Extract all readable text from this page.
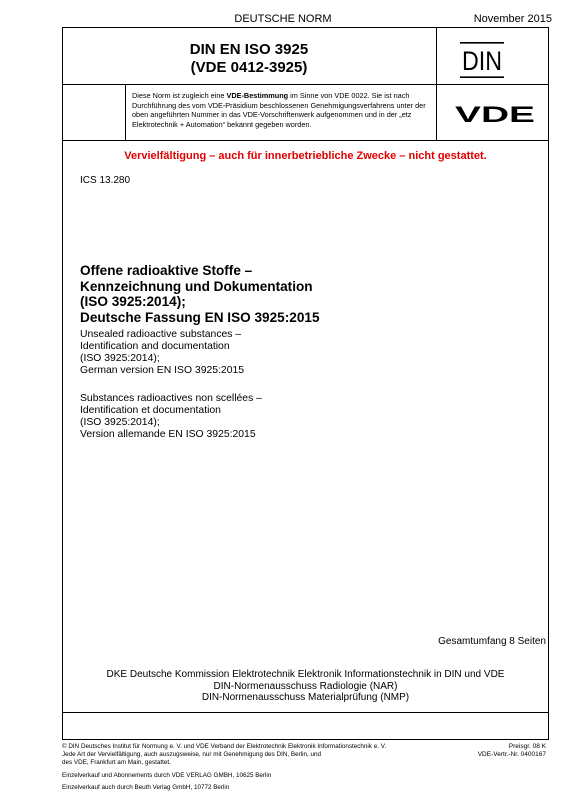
DEUTSCHE NORM	November 2015
DIN EN ISO 3925
(VDE 0412-3925)	DIN
Diese Norm ist zugleich eine VDE-Bestimmung im Sinne von VDE 0022. Sie ist nach Durchführung des vom VDE-Präsidium beschlossenen Genehmigungsverfahrens unter der oben angeführten Nummer in das VDE-Vorschriftenwerk aufgenommen und in der „etz Elektrotechnik + Automation“ bekannt gegeben worden.	VDE
Vervielfältigung – auch für innerbetriebliche Zwecke – nicht gestattet.
ICS 13.280
Offene radioaktive Stoffe –
Kennzeichnung und Dokumentation
(ISO 3925:2014);
Deutsche Fassung EN ISO 3925:2015
Unsealed radioactive substances –
Identification and documentation
(ISO 3925:2014);
German version EN ISO 3925:2015
Substances radioactives non scellées –
Identification et documentation
(ISO 3925:2014);
Version allemande EN ISO 3925:2015
Gesamtumfang 8 Seiten
DKE Deutsche Kommission Elektrotechnik Elektronik Informationstechnik in DIN und VDE
DIN-Normenausschuss Radiologie (NAR)
DIN-Normenausschuss Materialprüfung (NMP)
© DIN Deutsches Institut für Normung e. V. und VDE Verband der Elektrotechnik Elektronik Informationstechnik e. V.
Jede Art der Vervielfältigung, auch auszugsweise, nur mit Genehmigung des DIN, Berlin, und
des VDE, Frankfurt am Main, gestattet.
Preisgr. 08 K
VDE-Vertr.-Nr. 0400167
Einzelverkauf und Abonnements durch VDE VERLAG GMBH, 10625 Berlin
Einzelverkauf auch durch Beuth Verlag GmbH, 10772 Berlin
